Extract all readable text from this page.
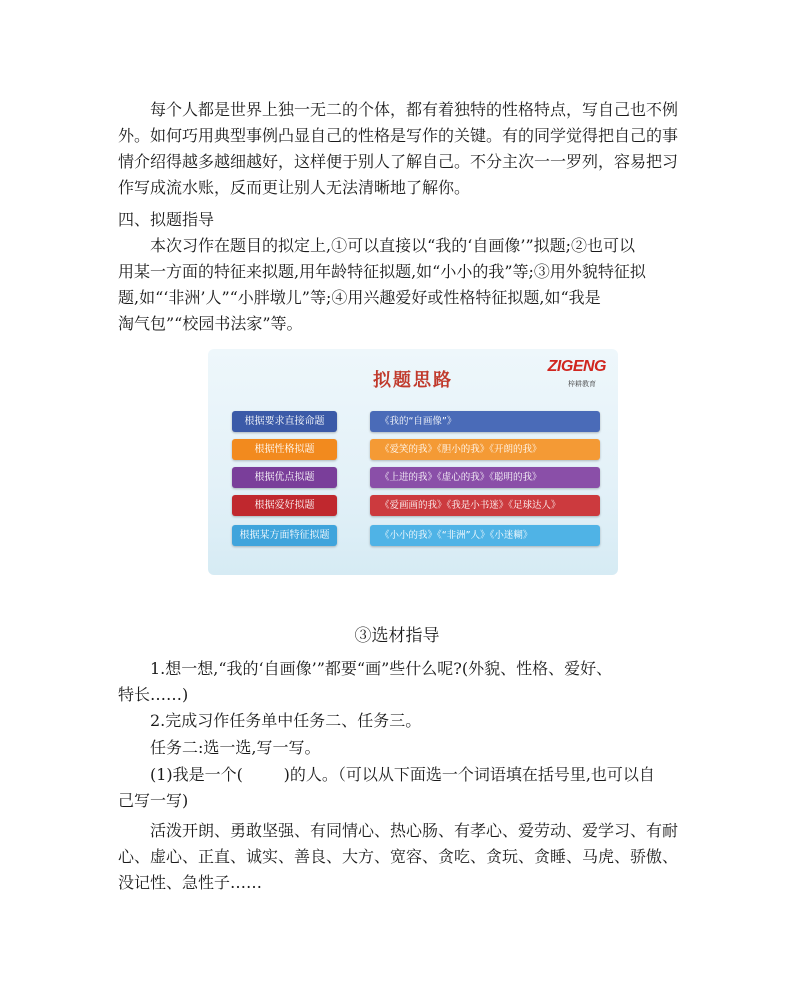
每个人都是世界上独一无二的个体，都有着独特的性格特点，写自己也不例
外。如何巧用典型事例凸显自己的性格是写作的关键。有的同学觉得把自己的事
情介绍得越多越细越好，这样便于别人了解自己。不分主次一一罗列，容易把习
作写成流水账，反而更让别人无法清晰地了解你。
四、拟题指导
本次习作在题目的拟定上,①可以直接以“我的‘自画像’”拟题;②也可以
用某一方面的特征来拟题,用年龄特征拟题,如“小小的我”等;③用外貌特征拟
题,如“‘非洲’人”“小胖墩儿”等;④用兴趣爱好或性格特征拟题,如“我是
淘气包”“校园书法家”等。
拟题思路
ZIGENG
梓耕教育
根据要求直接命题	《我的“自画像”》
根据性格拟题	《爱笑的我》《胆小的我》《开朗的我》
根据优点拟题	《上进的我》《虚心的我》《聪明的我》
根据爱好拟题	《爱画画的我》《我是小书迷》《足球达人》
根据某方面特征拟题	《小小的我》《“非洲”人》《小迷糊》
③选材指导
1.想一想,“我的‘自画像’”都要“画”些什么呢?(外貌、性格、爱好、
特长……)
2.完成习作任务单中任务二、任务三。
任务二:选一选,写一写。
(1)我是一个(        )的人。（可以从下面选一个词语填在括号里,也可以自
己写一写)
活泼开朗、勇敢坚强、有同情心、热心肠、有孝心、爱劳动、爱学习、有耐
心、虚心、正直、诚实、善良、大方、宽容、贪吃、贪玩、贪睡、马虎、骄傲、
没记性、急性子……
